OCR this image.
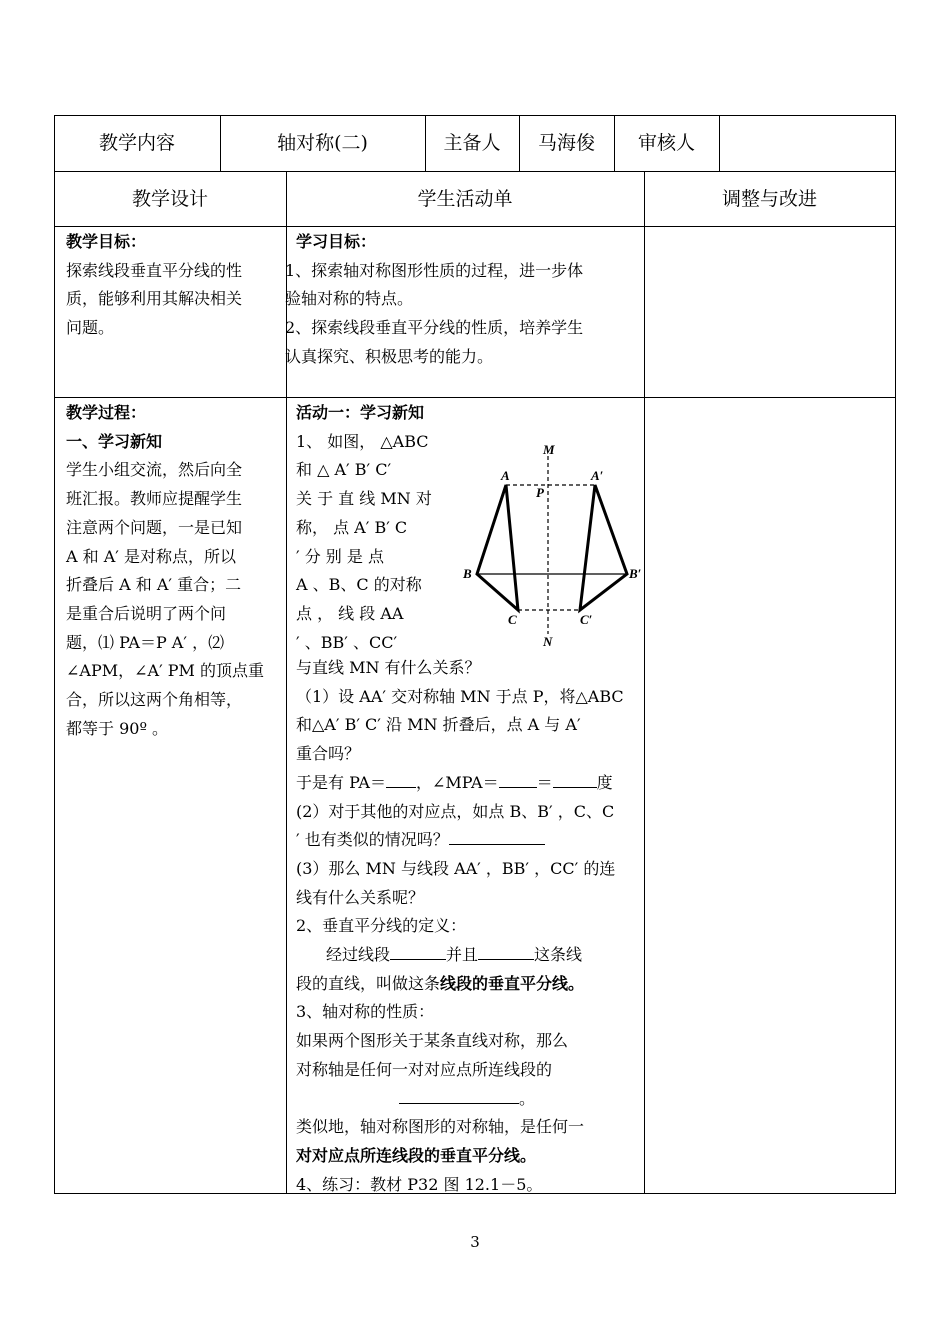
教学内容	轴对称(二)	主备人	马海俊	审核人
教学设计	学生活动单	调整与改进
教学目标：
探索线段垂直平分线的性
质，能够利用其解决相关
问题。
学习目标：
1、探索轴对称图形性质的过程，进一步体
验轴对称的特点。
2、探索线段垂直平分线的性质，培养学生
认真探究、积极思考的能力。
教学过程：
一、学习新知
学生小组交流，然后向全
班汇报。教师应提醒学生
注意两个问题，一是已知
A 和 A′ 是对称点，所以
折叠后 A 和 A′ 重合；二
是重合后说明了两个问
题，⑴ PA＝P A′ ，⑵
∠APM，∠A′ PM 的顶点重
合，所以这两个角相等，
都等于 90º 。
活动一：学习新知
1、 如图， △ABC
和 △ A′ B′ C′
关 于 直 线 MN 对
称， 点 A′ B′ C
′ 分 别 是 点
A 、B、C 的对称
点 ， 线 段 AA
′ 、BB′ 、CC′
M
A	A′
P
B	B′
C	C′
N
与直线 MN 有什么关系？
（1）设 AA′ 交对称轴 MN 于点 P，将△ABC
和△A′ B′ C′ 沿 MN 折叠后，点 A 与 A′
重合吗？
于是有 PA＝ ，∠MPA＝ ＝	度
(2）对于其他的对应点，如点 B、B′ ，C、C
′ 也有类似的情况吗？
(3）那么 MN 与线段 AA′ ，BB′ ，CC′ 的连
线有什么关系呢？
2、垂直平分线的定义：
经过线段	并且	这条线
段的直线，叫做这条线段的垂直平分线。
3、轴对称的性质：
如果两个图形关于某条直线对称，那么
对称轴是任何一对对应点所连线段的
。
类似地，轴对称图形的对称轴，是任何一
对对应点所连线段的垂直平分线。
4、练习：教材 P32 图 12.1－5。
3
